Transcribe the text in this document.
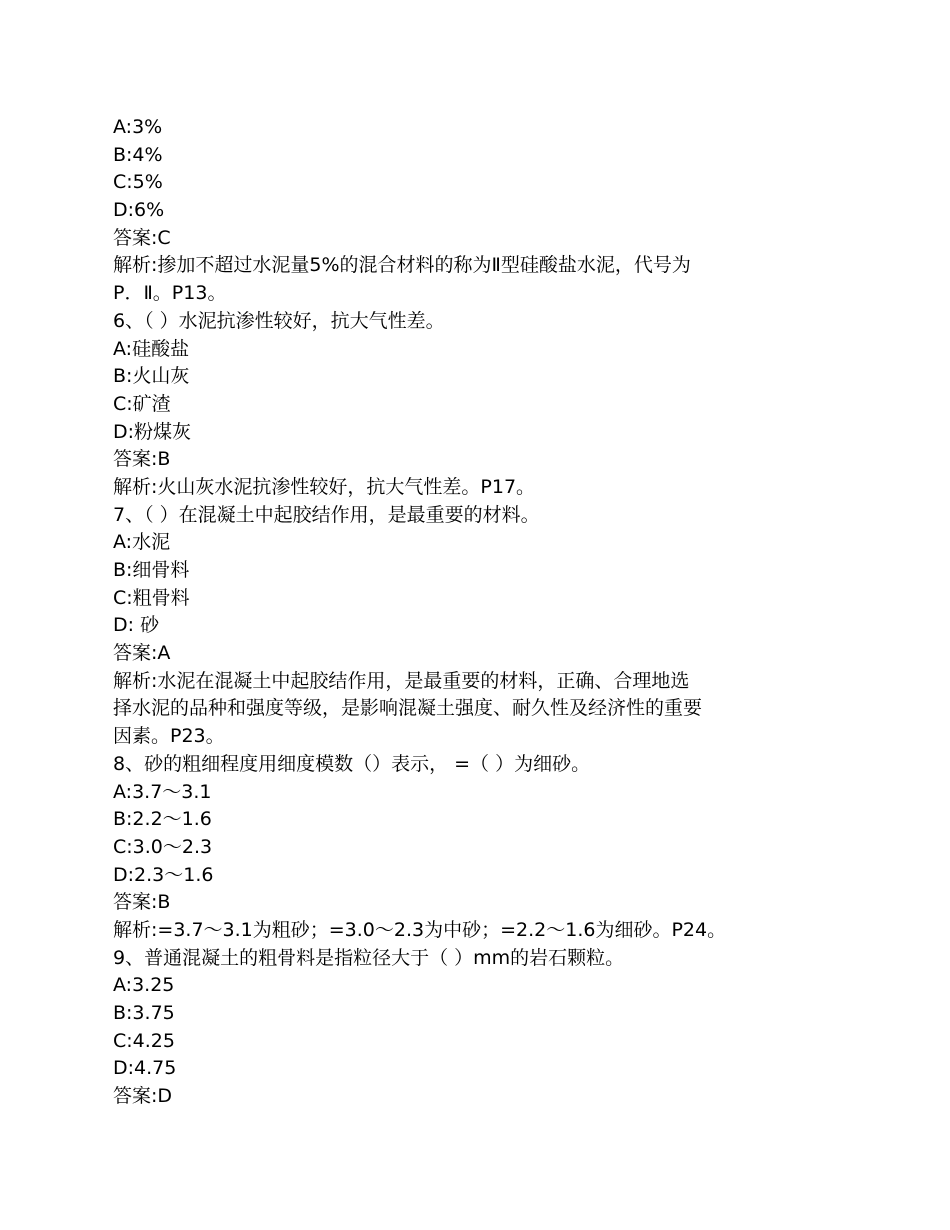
A:3%
B:4%
C:5%
D:6%
答案:C
解析:掺加不超过水泥量5%的混合材料的称为Ⅱ型硅酸盐水泥，代号为
P．Ⅱ。P13。
6、（ ）水泥抗渗性较好，抗大气性差。
A:硅酸盐
B:火山灰
C:矿渣
D:粉煤灰
答案:B
解析:火山灰水泥抗渗性较好，抗大气性差。P17。
7、（ ）在混凝土中起胶结作用，是最重要的材料。
A:水泥
B:细骨料
C:粗骨料
D: 砂
答案:A
解析:水泥在混凝土中起胶结作用，是最重要的材料，正确、合理地选
择水泥的品种和强度等级，是影响混凝土强度、耐久性及经济性的重要
因素。P23。
8、砂的粗细程度用细度模数（）表示， =（ ）为细砂。
A:3.7～3.1
B:2.2～1.6
C:3.0～2.3
D:2.3～1.6
答案:B
解析:=3.7～3.1为粗砂；=3.0～2.3为中砂；=2.2～1.6为细砂。P24。
9、普通混凝土的粗骨料是指粒径大于（ ）mm的岩石颗粒。
A:3.25
B:3.75
C:4.25
D:4.75
答案:D
